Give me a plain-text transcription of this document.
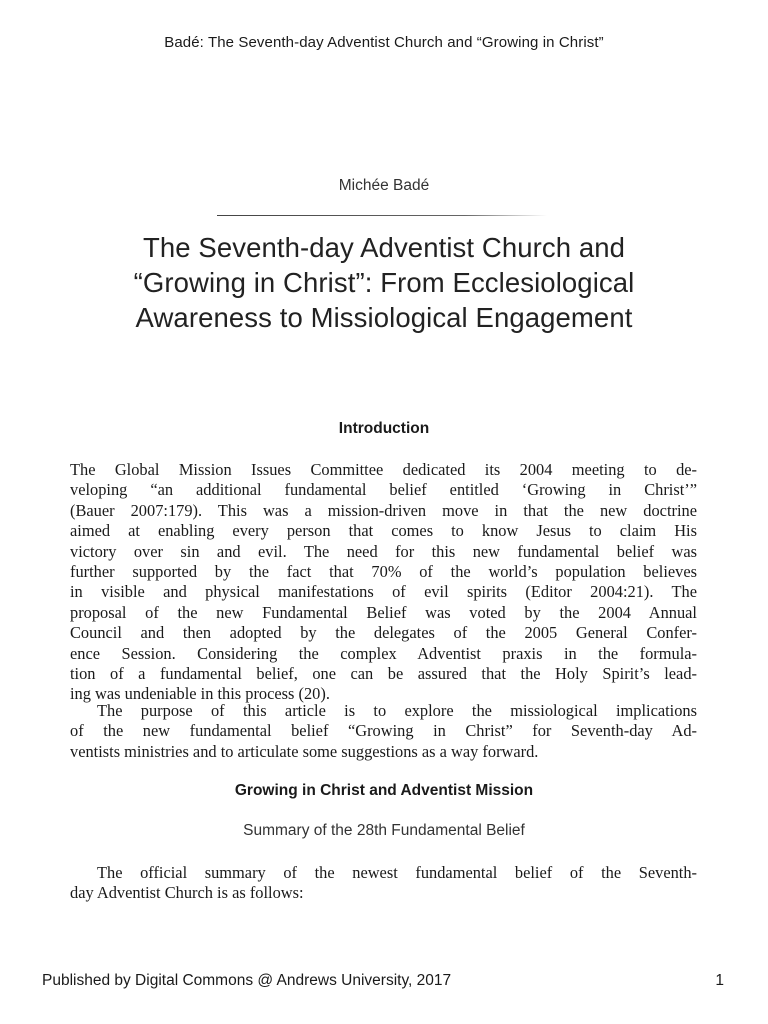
Badé: The Seventh-day Adventist Church and “Growing in Christ”
Michée Badé
The Seventh-day Adventist Church and
“Growing in Christ”: From Ecclesiological
Awareness to Missiological Engagement
Introduction
The Global Mission Issues Committee dedicated its 2004 meeting to de-
veloping “an additional fundamental belief entitled ‘Growing in Christ’”
(Bauer 2007:179). This was a mission-driven move in that the new doctrine
aimed at enabling every person that comes to know Jesus to claim His
victory over sin and evil. The need for this new fundamental belief was
further supported by the fact that 70% of the world’s population believes
in visible and physical manifestations of evil spirits (Editor 2004:21). The
proposal of the new Fundamental Belief was voted by the 2004 Annual
Council and then adopted by the delegates of the 2005 General Confer-
ence Session. Considering the complex Adventist praxis in the formula-
tion of a fundamental belief, one can be assured that the Holy Spirit’s lead-
ing was undeniable in this process (20).
The purpose of this article is to explore the missiological implications
of the new fundamental belief “Growing in Christ” for Seventh-day Ad-
ventists ministries and to articulate some suggestions as a way forward.
Growing in Christ and Adventist Mission
Summary of the 28th Fundamental Belief
The official summary of the newest fundamental belief of the Seventh-
day Adventist Church is as follows:
Published by Digital Commons @ Andrews University, 2017	1
